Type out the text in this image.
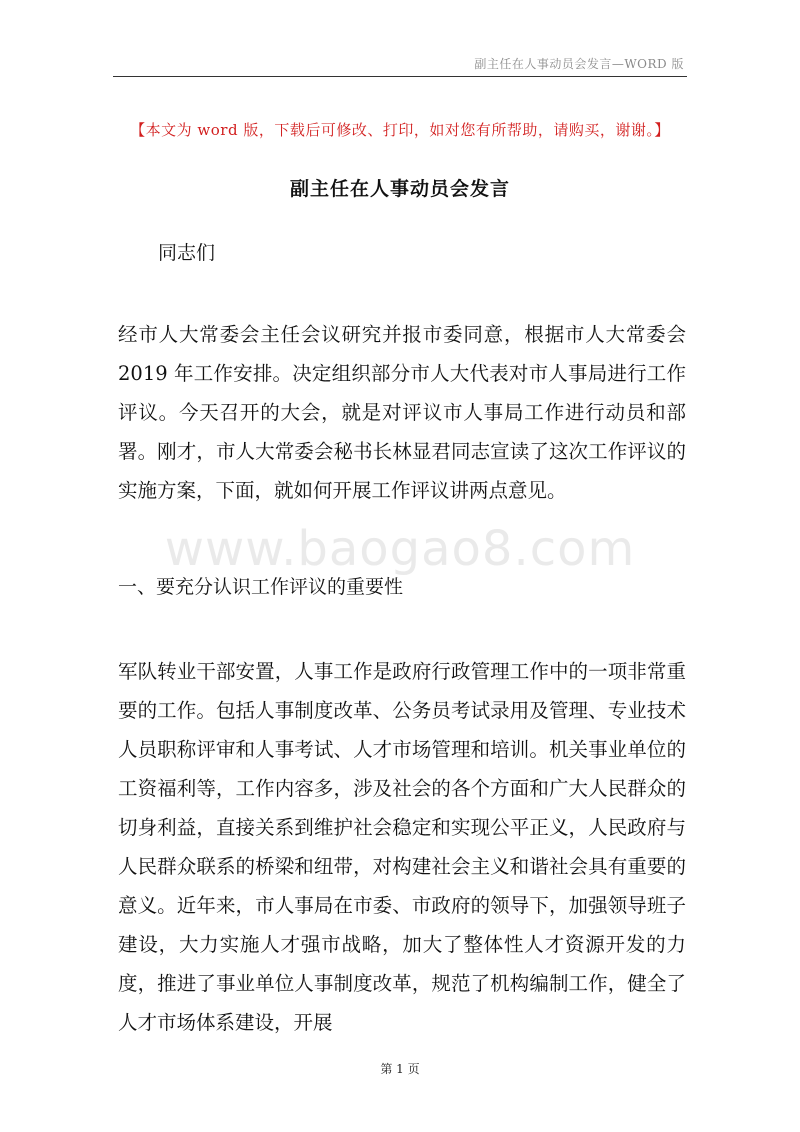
副主任在人事动员会发言—WORD 版
【本文为 word 版，下载后可修改、打印，如对您有所帮助，请购买，谢谢。】
副主任在人事动员会发言
同志们

经市人大常委会主任会议研究并报市委同意，根据市人大常委会 2019 年工作安排。决定组织部分市人大代表对市人事局进行工作评议。今天召开的大会，就是对评议市人事局工作进行动员和部署。刚才，市人大常委会秘书长林显君同志宣读了这次工作评议的实施方案，下面，就如何开展工作评议讲两点意见。

www.baogao8.com
一、要充分认识工作评议的重要性

军队转业干部安置，人事工作是政府行政管理工作中的一项非常重要的工作。包括人事制度改革、公务员考试录用及管理、专业技术人员职称评审和人事考试、人才市场管理和培训。机关事业单位的工资福利等，工作内容多，涉及社会的各个方面和广大人民群众的切身利益，直接关系到维护社会稳定和实现公平正义，人民政府与人民群众联系的桥梁和纽带，对构建社会主义和谐社会具有重要的意义。近年来，市人事局在市委、市政府的领导下，加强领导班子建设，大力实施人才强市战略，加大了整体性人才资源开发的力度，推进了事业单位人事制度改革，规范了机构编制工作，健全了人才市场体系建设，开展

第 1 页
